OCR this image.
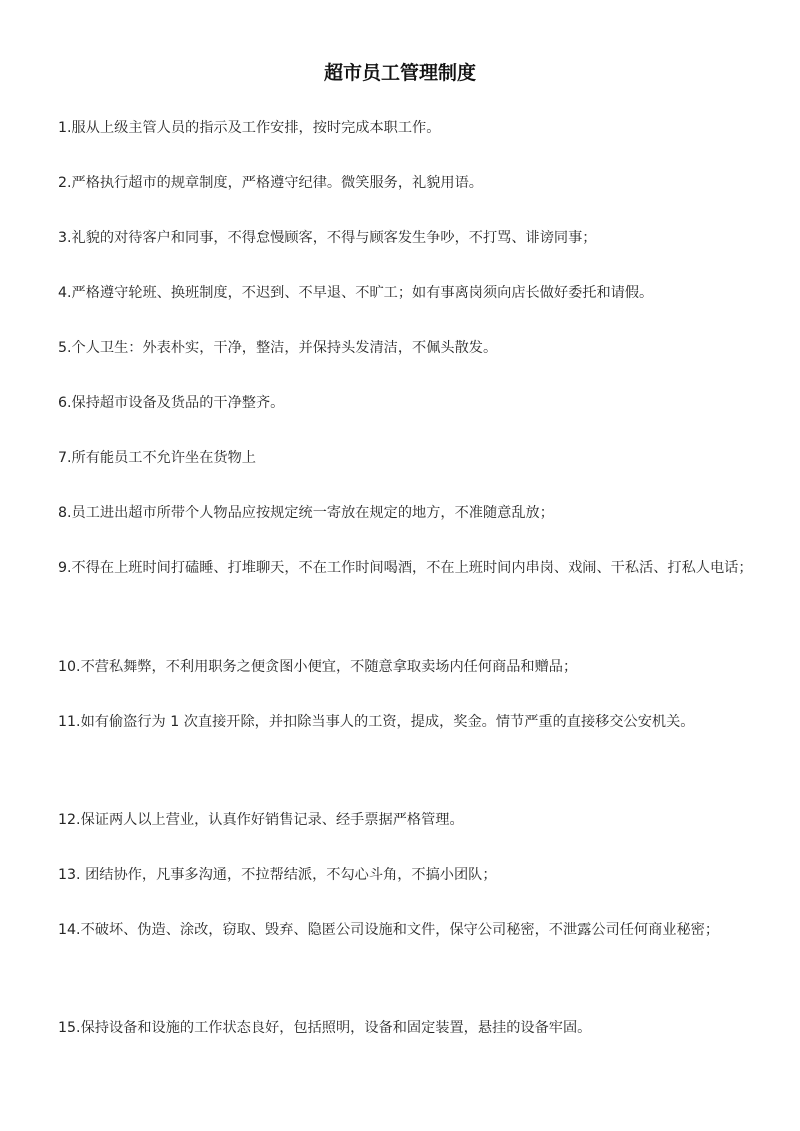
超市员工管理制度

1.服从上级主管人员的指示及工作安排，按时完成本职工作。

2.严格执行超市的规章制度，严格遵守纪律。微笑服务，礼貌用语。

3.礼貌的对待客户和同事，不得怠慢顾客，不得与顾客发生争吵，不打骂、诽谤同事；

4.严格遵守轮班、换班制度，不迟到、不早退、不旷工；如有事离岗须向店长做好委托和请假。

5.个人卫生：外表朴实，干净，整洁，并保持头发清洁，不佩头散发。

6.保持超市设备及货品的干净整齐。

7.所有能员工不允许坐在货物上

8.员工进出超市所带个人物品应按规定统一寄放在规定的地方，不准随意乱放；

9.不得在上班时间打磕睡、打堆聊天，不在工作时间喝酒，不在上班时间内串岗、戏闹、干私活、打私人电话；

10.不营私舞弊，不利用职务之便贪图小便宜，不随意拿取卖场内任何商品和赠品；

11.如有偷盗行为 1 次直接开除，并扣除当事人的工资，提成，奖金。情节严重的直接移交公安机关。

12.保证两人以上营业，认真作好销售记录、经手票据严格管理。

13. 团结协作，凡事多沟通，不拉帮结派，不勾心斗角，不搞小团队；

14.不破坏、伪造、涂改，窃取、毁弃、隐匿公司设施和文件，保守公司秘密，不泄露公司任何商业秘密；

15.保持设备和设施的工作状态良好，包括照明，设备和固定装置，悬挂的设备牢固。
